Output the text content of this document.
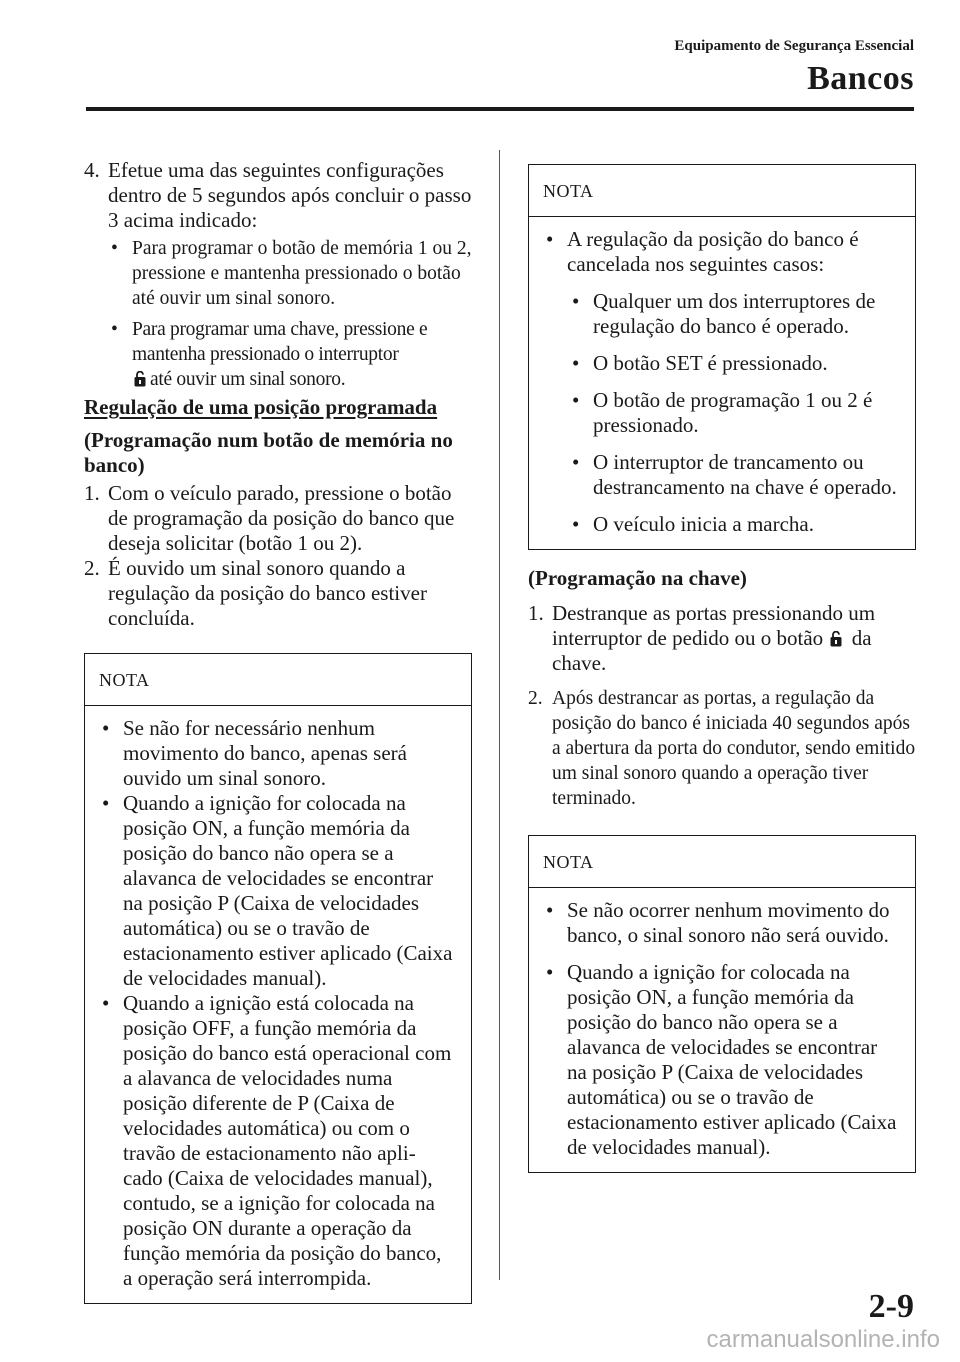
Equipamento de Segurança Essencial
Bancos
4. Efetue uma das seguintes configurações dentro de 5 segundos após concluir o passo 3 acima indicado:

• Para programar o botão de memória 1 ou 2, pressione e mantenha pressionado o botão até ouvir um sinal sonoro.
• Para programar uma chave, pressione e mantenha pressionado o interruptor
até ouvir um sinal sonoro.

Regulação de uma posição programada

(Programação num botão de memória no banco)

1. Com o veículo parado, pressione o botão de programação da posição do banco que deseja solicitar (botão 1 ou 2).

2. É ouvido um sinal sonoro quando a regulação da posição do banco estiver concluída.

NOTA
• Se não for necessário nenhum movimento do banco, apenas será ouvido um sinal sonoro.
• Quando a ignição for colocada na posição ON, a função memória da posição do banco não opera se a alavanca de velocidades se encontrar na posição P (Caixa de velocidades automática) ou se o travão de estacionamento estiver aplicado (Caixa de velocidades manual).
• Quando a ignição está colocada na posição OFF, a função memória da posição do banco está operacional com a alavanca de velocidades numa posição diferente de P (Caixa de velocidades automática) ou com o travão de estacionamento não apli-cado (Caixa de velocidades manual), contudo, se a ignição for colocada na posição ON durante a operação da função memória da posição do banco, a operação será interrompida.
NOTA
• A regulação da posição do banco é cancelada nos seguintes casos:
• Qualquer um dos interruptores de regulação do banco é operado.
• O botão SET é pressionado.
• O botão de programação 1 ou 2 é pressionado.
• O interruptor de trancamento ou destrancamento na chave é operado.
• O veículo inicia a marcha.

(Programação na chave)

1. Destranque as portas pressionando um interruptor de pedido ou o botão da chave.

2. Após destrancar as portas, a regulação da posição do banco é iniciada 40 segundos após a abertura da porta do condutor, sendo emitido um sinal sonoro quando a operação tiver terminado.

NOTA
• Se não ocorrer nenhum movimento do banco, o sinal sonoro não será ouvido.
• Quando a ignição for colocada na posição ON, a função memória da posição do banco não opera se a alavanca de velocidades se encontrar na posição P (Caixa de velocidades automática) ou se o travão de estacionamento estiver aplicado (Caixa de velocidades manual).
2-9
carmanualsonline.info
